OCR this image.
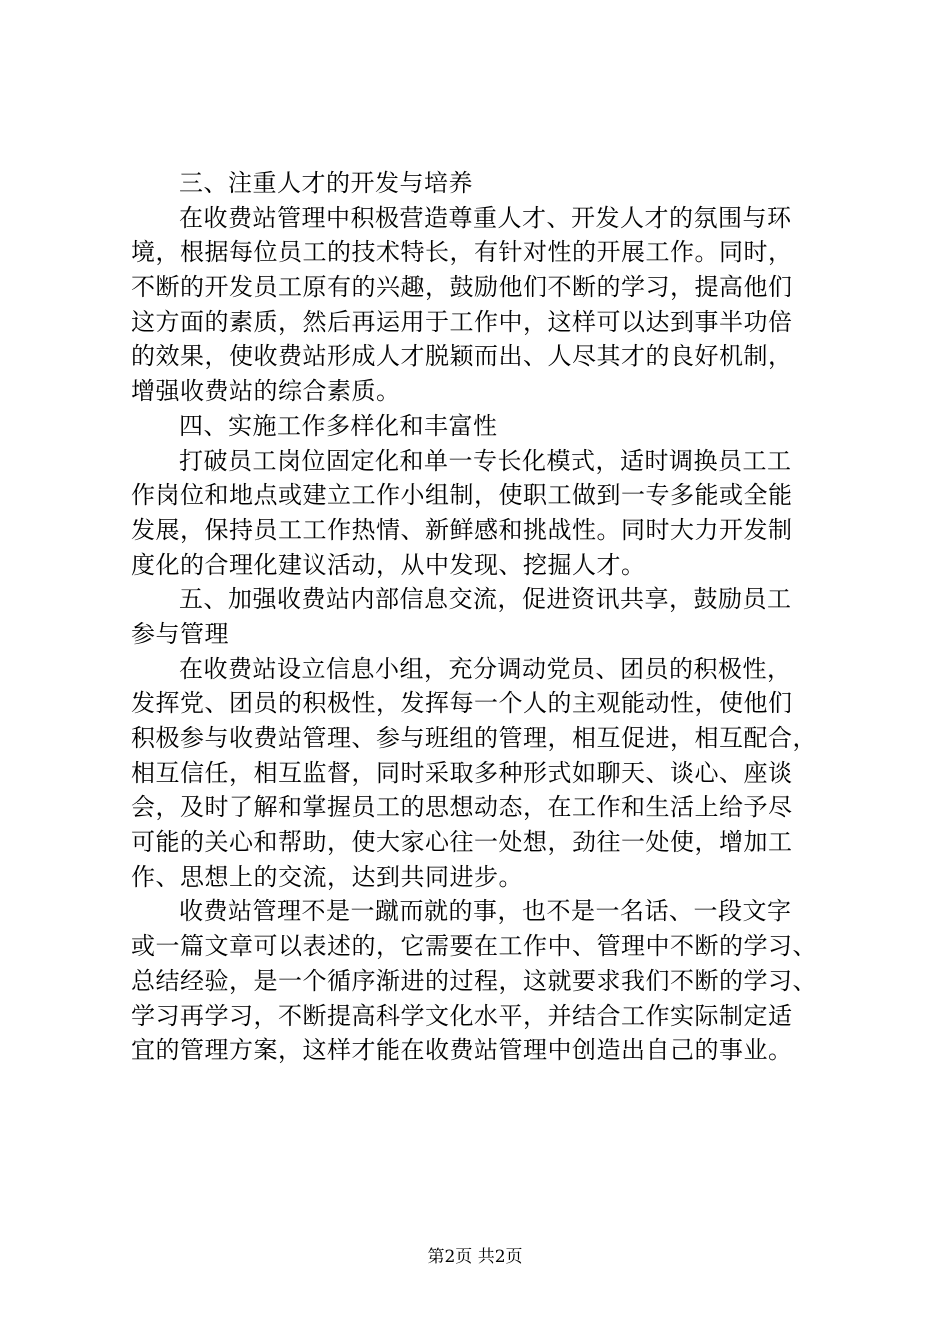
三、注重人才的开发与培养
在收费站管理中积极营造尊重人才、开发人才的氛围与环
境，根据每位员工的技术特长，有针对性的开展工作。同时，
不断的开发员工原有的兴趣，鼓励他们不断的学习，提高他们
这方面的素质，然后再运用于工作中，这样可以达到事半功倍
的效果，使收费站形成人才脱颖而出、人尽其才的良好机制，
增强收费站的综合素质。
四、实施工作多样化和丰富性
打破员工岗位固定化和单一专长化模式，适时调换员工工
作岗位和地点或建立工作小组制，使职工做到一专多能或全能
发展，保持员工工作热情、新鲜感和挑战性。同时大力开发制
度化的合理化建议活动，从中发现、挖掘人才。
五、加强收费站内部信息交流，促进资讯共享，鼓励员工
参与管理
在收费站设立信息小组，充分调动党员、团员的积极性，
发挥党、团员的积极性，发挥每一个人的主观能动性，使他们
积极参与收费站管理、参与班组的管理，相互促进，相互配合，
相互信任，相互监督，同时采取多种形式如聊天、谈心、座谈
会，及时了解和掌握员工的思想动态，在工作和生活上给予尽
可能的关心和帮助，使大家心往一处想，劲往一处使，增加工
作、思想上的交流，达到共同进步。
收费站管理不是一蹴而就的事，也不是一名话、一段文字
或一篇文章可以表述的，它需要在工作中、管理中不断的学习、
总结经验，是一个循序渐进的过程，这就要求我们不断的学习、
学习再学习，不断提高科学文化水平，并结合工作实际制定适
宜的管理方案，这样才能在收费站管理中创造出自己的事业。
第2页 共2页
